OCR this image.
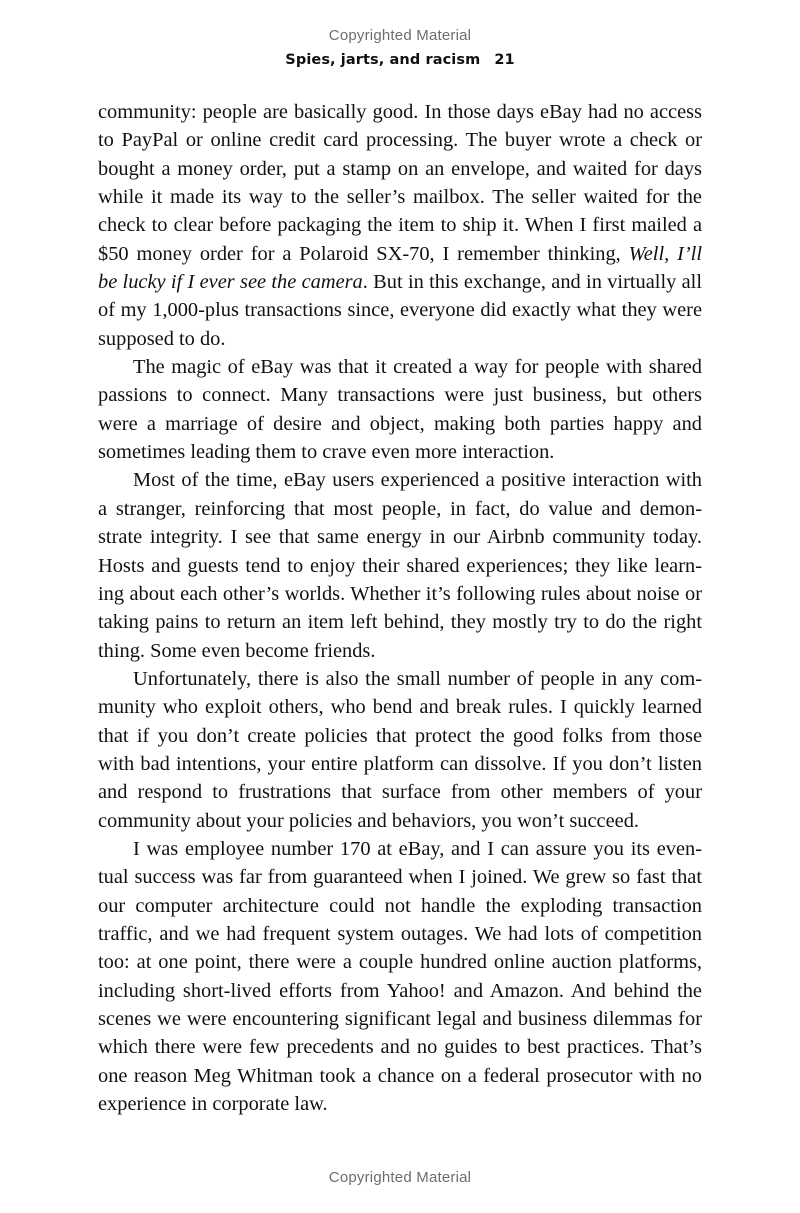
Copyrighted Material
Spies, jarts, and racism 21
community: people are basically good. In those days eBay had no access
to PayPal or online credit card processing. The buyer wrote a check or
bought a money order, put a stamp on an envelope, and waited for days
while it made its way to the seller’s mailbox. The seller waited for the
check to clear before packaging the item to ship it. When I first mailed a
$50 money order for a Polaroid SX-70, I remember thinking, Well, I’ll
be lucky if I ever see the camera. But in this exchange, and in virtually all
of my 1,000-plus transactions since, everyone did exactly what they were
supposed to do.
The magic of eBay was that it created a way for people with shared
passions to connect. Many transactions were just business, but others
were a marriage of desire and object, making both parties happy and
sometimes leading them to crave even more interaction.
Most of the time, eBay users experienced a positive interaction with
a stranger, reinforcing that most people, in fact, do value and demon-
strate integrity. I see that same energy in our Airbnb community today.
Hosts and guests tend to enjoy their shared experiences; they like learn-
ing about each other’s worlds. Whether it’s following rules about noise or
taking pains to return an item left behind, they mostly try to do the right
thing. Some even become friends.
Unfortunately, there is also the small number of people in any com-
munity who exploit others, who bend and break rules. I quickly learned
that if you don’t create policies that protect the good folks from those
with bad intentions, your entire platform can dissolve. If you don’t listen
and respond to frustrations that surface from other members of your
community about your policies and behaviors, you won’t succeed.
I was employee number 170 at eBay, and I can assure you its even-
tual success was far from guaranteed when I joined. We grew so fast that
our computer architecture could not handle the exploding transaction
traffic, and we had frequent system outages. We had lots of competition
too: at one point, there were a couple hundred online auction platforms,
including short-lived efforts from Yahoo! and Amazon. And behind the
scenes we were encountering significant legal and business dilemmas for
which there were few precedents and no guides to best practices. That’s
one reason Meg Whitman took a chance on a federal prosecutor with no
experience in corporate law.
Copyrighted Material
